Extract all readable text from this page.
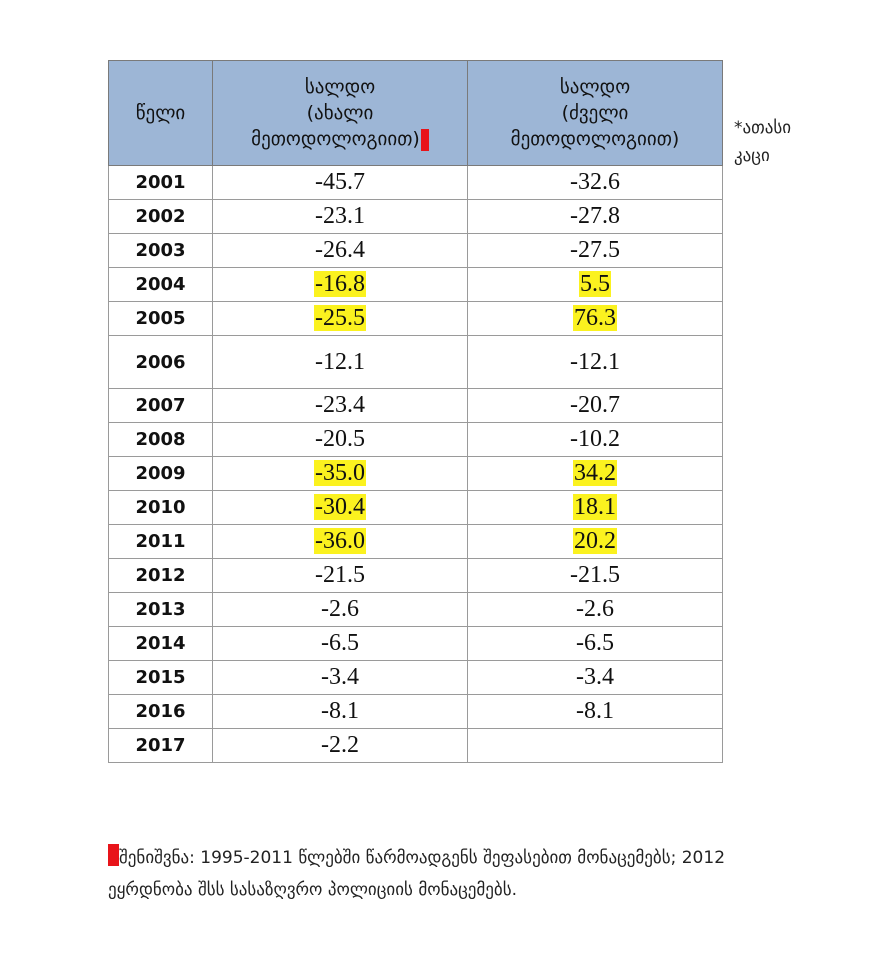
წელი	სალდო
(ახალი
მეთოდოლოგიით)	სალდო
(ძველი
მეთოდოლოგიით)

2001	-45.7	-32.6
2002	-23.1	-27.8
2003	-26.4	-27.5
2004	-16.8	5.5
2005	-25.5	76.3
2006	-12.1	-12.1
2007	-23.4	-20.7
2008	-20.5	-10.2
2009	-35.0	34.2
2010	-30.4	18.1
2011	-36.0	20.2
2012	-21.5	-21.5
2013	-2.6	-2.6
2014	-6.5	-6.5
2015	-3.4	-3.4
2016	-8.1	-8.1
2017	-2.2	
*ათასი
კაცი
შენიშვნა: 1995-2011 წლებში წარმოადგენს შეფასებით მონაცემებს; 2012
ეყრდნობა შსს სასაზღვრო პოლიციის მონაცემებს.
